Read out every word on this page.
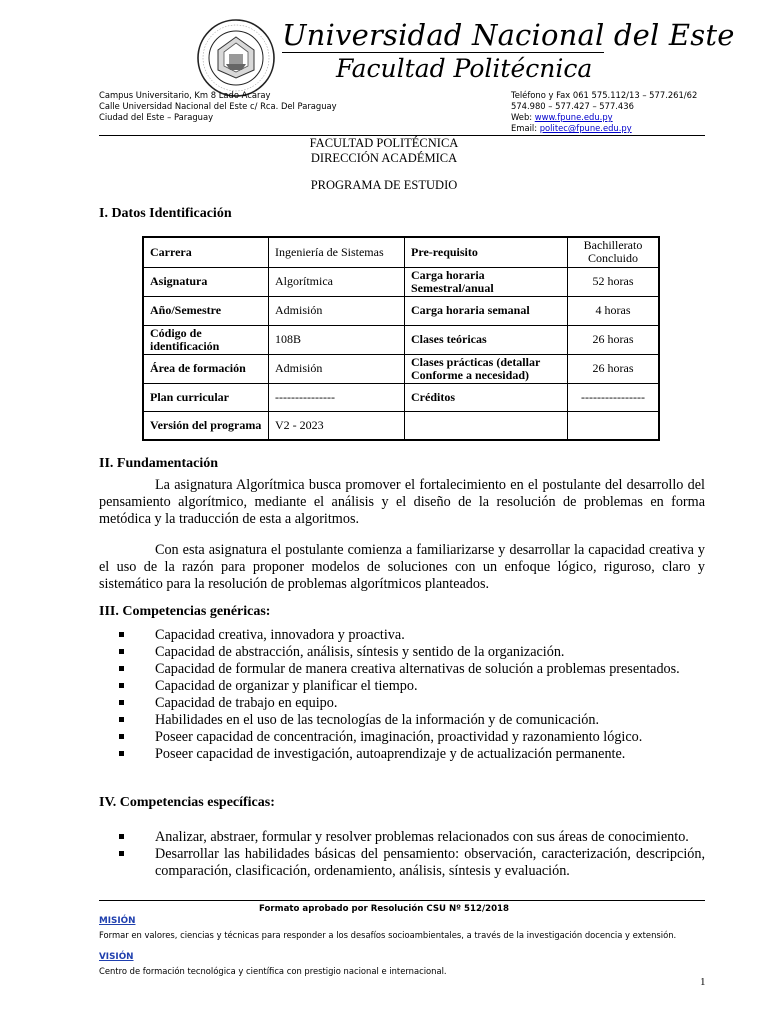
Universidad Nacional del Este
Facultad Politécnica
Campus Universitario, Km 8 Lado Acaray
Calle Universidad Nacional del Este c/ Rca. Del Paraguay
Ciudad del Este – Paraguay
Teléfono y Fax 061 575.112/13 – 577.261/62
574.980 – 577.427 – 577.436
Web: www.fpune.edu.py
Email: politec@fpune.edu.py
FACULTAD POLITÉCNICA
DIRECCIÓN ACADÉMICA
PROGRAMA DE ESTUDIO
I. Datos Identificación
Carrera	Ingeniería de Sistemas	Pre-requisito	Bachillerato Concluido
Asignatura	Algorítmica	Carga horaria Semestral/anual	52 horas
Año/Semestre	Admisión	Carga horaria semanal	4 horas
Código de identificación	108B	Clases teóricas	26 horas
Área de formación	Admisión	Clases prácticas (detallar Conforme a necesidad)	26 horas
Plan curricular	---------------	Créditos	----------------
Versión del programa	V2 - 2023		
II. Fundamentación

La asignatura Algorítmica busca promover el fortalecimiento en el postulante del desarrollo del pensamiento algorítmico, mediante el análisis y el diseño de la resolución de problemas en forma metódica y la traducción de esta a algoritmos.

Con esta asignatura el postulante comienza a familiarizarse y desarrollar la capacidad creativa y el uso de la razón para proponer modelos de soluciones con un enfoque lógico, riguroso, claro y sistemático para la resolución de problemas algorítmicos planteados.

III. Competencias genéricas:
Capacidad creativa, innovadora y proactiva.
Capacidad de abstracción, análisis, síntesis y sentido de la organización.
Capacidad de formular de manera creativa alternativas de solución a problemas presentados.
Capacidad de organizar y planificar el tiempo.
Capacidad de trabajo en equipo.
Habilidades en el uso de las tecnologías de la información y de comunicación.
Poseer capacidad de concentración, imaginación, proactividad y razonamiento lógico.
Poseer capacidad de investigación, autoaprendizaje y de actualización permanente.
IV. Competencias específicas:
Analizar, abstraer, formular y resolver problemas relacionados con sus áreas de conocimiento.
Desarrollar las habilidades básicas del pensamiento: observación, caracterización, descripción, comparación, clasificación, ordenamiento, análisis, síntesis y evaluación.
Formato aprobado por Resolución CSU Nº 512/2018
MISIÓN
Formar en valores, ciencias y técnicas para responder a los desafíos socioambientales, a través de la investigación docencia y extensión.
VISIÓN
Centro de formación tecnológica y científica con prestigio nacional e internacional.
1
